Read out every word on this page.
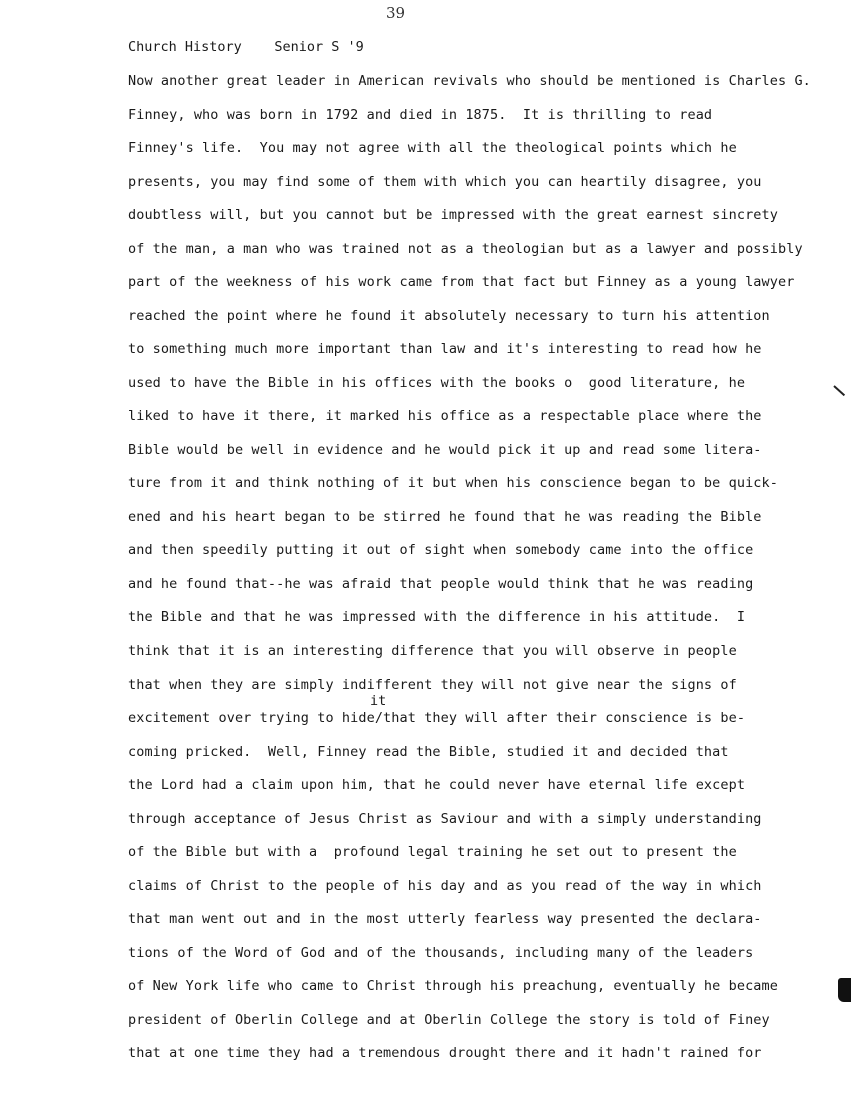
39
Church History Senior S '9
it
Now another great leader in American revivals who should be mentioned is Charles G.
Finney, who was born in 1792 and died in 1875.  It is thrilling to read
Finney's life.  You may not agree with all the theological points which he
presents, you may find some of them with which you can heartily disagree, you
doubtless will, but you cannot but be impressed with the great earnest sincrety
of the man, a man who was trained not as a theologian but as a lawyer and possibly
part of the weekness of his work came from that fact but Finney as a young lawyer
reached the point where he found it absolutely necessary to turn his attention
to something much more important than law and it's interesting to read how he
used to have the Bible in his offices with the books o  good literature, he
liked to have it there, it marked his office as a respectable place where the
Bible would be well in evidence and he would pick it up and read some litera-
ture from it and think nothing of it but when his conscience began to be quick-
ened and his heart began to be stirred he found that he was reading the Bible
and then speedily putting it out of sight when somebody came into the office
and he found that--he was afraid that people would think that he was reading
the Bible and that he was impressed with the difference in his attitude.  I
think that it is an interesting difference that you will observe in people
that when they are simply indifferent they will not give near the signs of
excitement over trying to hide/that they will after their conscience is be-
coming pricked.  Well, Finney read the Bible, studied it and decided that
the Lord had a claim upon him, that he could never have eternal life except
through acceptance of Jesus Christ as Saviour and with a simply understanding
of the Bible but with a  profound legal training he set out to present the
claims of Christ to the people of his day and as you read of the way in which
that man went out and in the most utterly fearless way presented the declara-
tions of the Word of God and of the thousands, including many of the leaders
of New York life who came to Christ through his preachung, eventually he became
president of Oberlin College and at Oberlin College the story is told of Finey
that at one time they had a tremendous drought there and it hadn't rained for
